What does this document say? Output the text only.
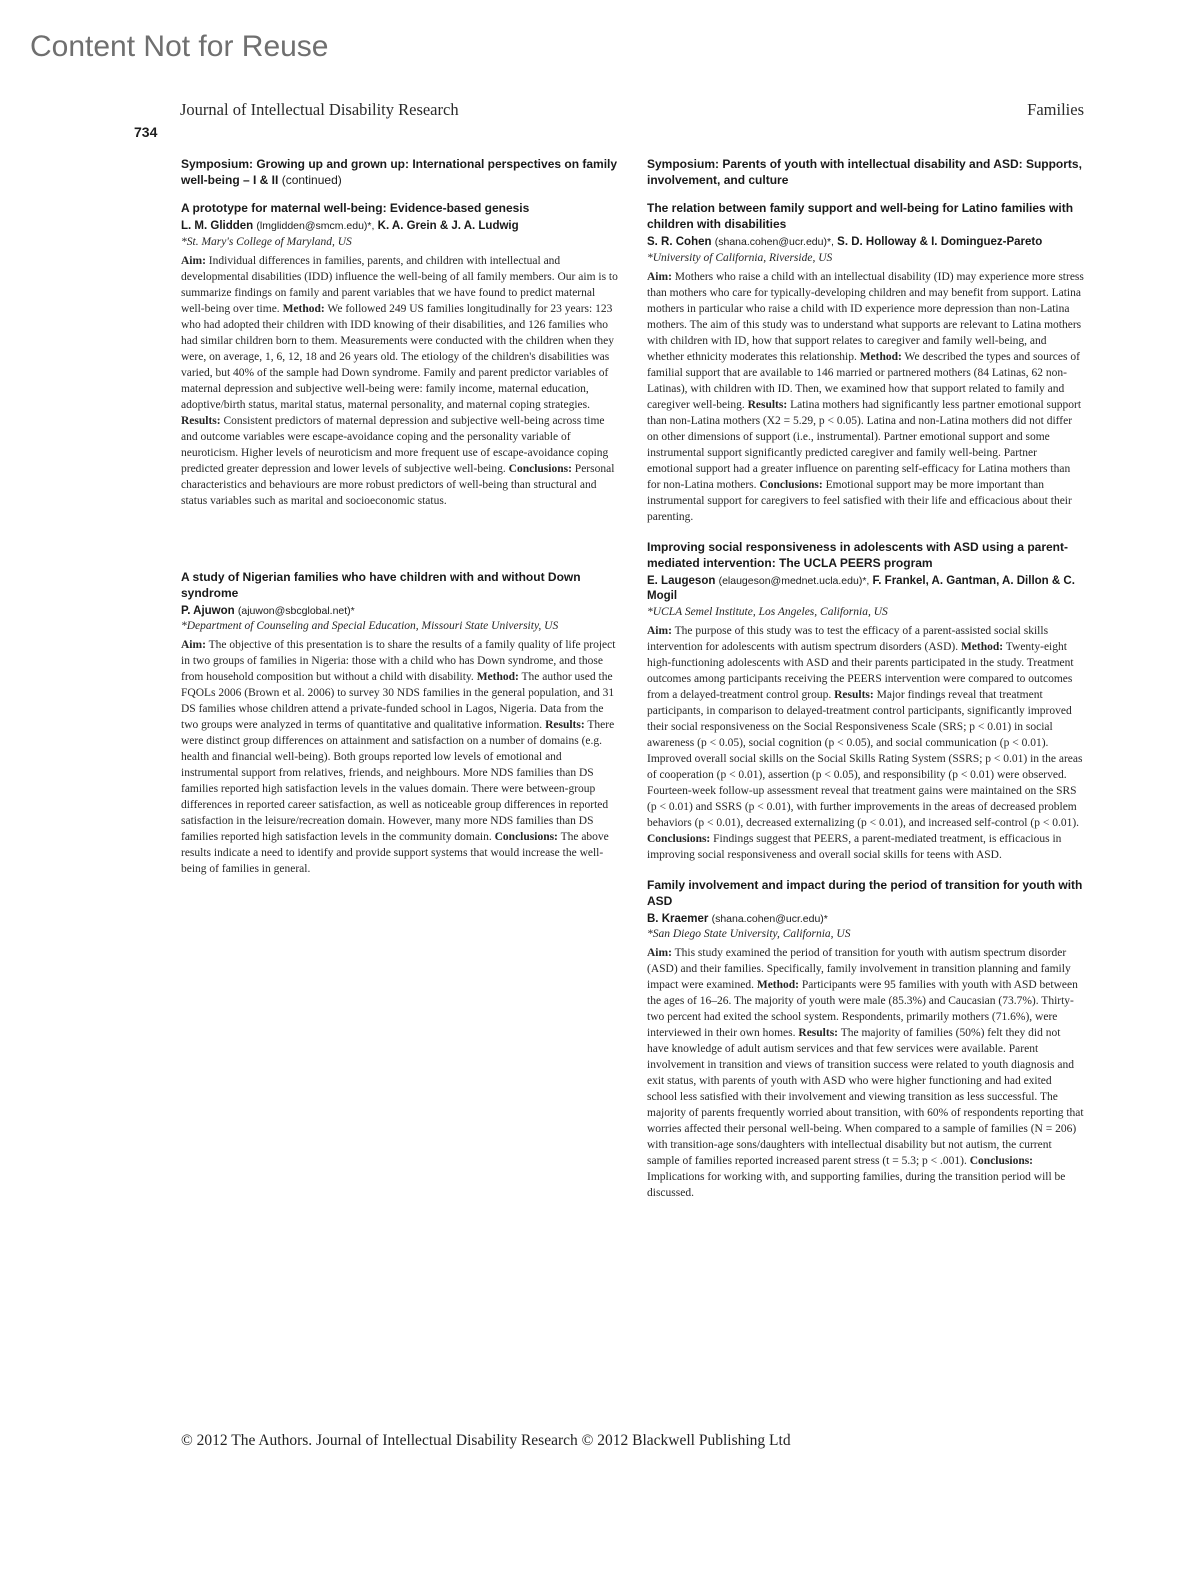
Content Not for Reuse
Journal of Intellectual Disability Research	Families
734

Symposium: Growing up and grown up: International perspectives on family well-being – I & II (continued)

A prototype for maternal well-being: Evidence-based genesis

L. M. Glidden (lmglidden@smcm.edu)*, K. A. Grein & J. A. Ludwig

*St. Mary's College of Maryland, US

Aim: Individual differences in families, parents, and children with intellectual and developmental disabilities (IDD) influence the well-being of all family members. Our aim is to summarize findings on family and parent variables that we have found to predict maternal well-being over time. Method: We followed 249 US families longitudinally for 23 years: 123 who had adopted their children with IDD knowing of their disabilities, and 126 families who had similar children born to them. Measurements were conducted with the children when they were, on average, 1, 6, 12, 18 and 26 years old. The etiology of the children's disabilities was varied, but 40% of the sample had Down syndrome. Family and parent predictor variables of maternal depression and subjective well-being were: family income, maternal education, adoptive/birth status, marital status, maternal personality, and maternal coping strategies. Results: Consistent predictors of maternal depression and subjective well-being across time and outcome variables were escape-avoidance coping and the personality variable of neuroticism. Higher levels of neuroticism and more frequent use of escape-avoidance coping predicted greater depression and lower levels of subjective well-being. Conclusions: Personal characteristics and behaviours are more robust predictors of well-being than structural and status variables such as marital and socioeconomic status.

A study of Nigerian families who have children with and without Down syndrome

P. Ajuwon (ajuwon@sbcglobal.net)*

*Department of Counseling and Special Education, Missouri State University, US

Aim: The objective of this presentation is to share the results of a family quality of life project in two groups of families in Nigeria: those with a child who has Down syndrome, and those from household composition but without a child with disability. Method: The author used the FQOLs 2006 (Brown et al. 2006) to survey 30 NDS families in the general population, and 31 DS families whose children attend a private-funded school in Lagos, Nigeria. Data from the two groups were analyzed in terms of quantitative and qualitative information. Results: There were distinct group differences on attainment and satisfaction on a number of domains (e.g. health and financial well-being). Both groups reported low levels of emotional and instrumental support from relatives, friends, and neighbours. More NDS families than DS families reported high satisfaction levels in the values domain. There were between-group differences in reported career satisfaction, as well as noticeable group differences in reported satisfaction in the leisure/recreation domain. However, many more NDS families than DS families reported high satisfaction levels in the community domain. Conclusions: The above results indicate a need to identify and provide support systems that would increase the well-being of families in general.

Symposium: Parents of youth with intellectual disability and ASD: Supports, involvement, and culture

The relation between family support and well-being for Latino families with children with disabilities

S. R. Cohen (shana.cohen@ucr.edu)*, S. D. Holloway & I. Dominguez-Pareto

*University of California, Riverside, US

Aim: Mothers who raise a child with an intellectual disability (ID) may experience more stress than mothers who care for typically-developing children and may benefit from support. Latina mothers in particular who raise a child with ID experience more depression than non-Latina mothers. The aim of this study was to understand what supports are relevant to Latina mothers with children with ID, how that support relates to caregiver and family well-being, and whether ethnicity moderates this relationship. Method: We described the types and sources of familial support that are available to 146 married or partnered mothers (84 Latinas, 62 non-Latinas), with children with ID. Then, we examined how that support related to family and caregiver well-being. Results: Latina mothers had significantly less partner emotional support than non-Latina mothers (X2 = 5.29, p < 0.05). Latina and non-Latina mothers did not differ on other dimensions of support (i.e., instrumental). Partner emotional support and some instrumental support significantly predicted caregiver and family well-being. Partner emotional support had a greater influence on parenting self-efficacy for Latina mothers than for non-Latina mothers. Conclusions: Emotional support may be more important than instrumental support for caregivers to feel satisfied with their life and efficacious about their parenting.

Improving social responsiveness in adolescents with ASD using a parent-mediated intervention: The UCLA PEERS program

E. Laugeson (elaugeson@mednet.ucla.edu)*, F. Frankel, A. Gantman, A. Dillon & C. Mogil

*UCLA Semel Institute, Los Angeles, California, US

Aim: The purpose of this study was to test the efficacy of a parent-assisted social skills intervention for adolescents with autism spectrum disorders (ASD). Method: Twenty-eight high-functioning adolescents with ASD and their parents participated in the study. Treatment outcomes among participants receiving the PEERS intervention were compared to outcomes from a delayed-treatment control group. Results: Major findings reveal that treatment participants, in comparison to delayed-treatment control participants, significantly improved their social responsiveness on the Social Responsiveness Scale (SRS; p < 0.01) in social awareness (p < 0.05), social cognition (p < 0.05), and social communication (p < 0.01). Improved overall social skills on the Social Skills Rating System (SSRS; p < 0.01) in the areas of cooperation (p < 0.01), assertion (p < 0.05), and responsibility (p < 0.01) were observed. Fourteen-week follow-up assessment reveal that treatment gains were maintained on the SRS (p < 0.01) and SSRS (p < 0.01), with further improvements in the areas of decreased problem behaviors (p < 0.01), decreased externalizing (p < 0.01), and increased self-control (p < 0.01). Conclusions: Findings suggest that PEERS, a parent-mediated treatment, is efficacious in improving social responsiveness and overall social skills for teens with ASD.

Family involvement and impact during the period of transition for youth with ASD

B. Kraemer (shana.cohen@ucr.edu)*

*San Diego State University, California, US

Aim: This study examined the period of transition for youth with autism spectrum disorder (ASD) and their families. Specifically, family involvement in transition planning and family impact were examined. Method: Participants were 95 families with youth with ASD between the ages of 16–26. The majority of youth were male (85.3%) and Caucasian (73.7%). Thirty-two percent had exited the school system. Respondents, primarily mothers (71.6%), were interviewed in their own homes. Results: The majority of families (50%) felt they did not have knowledge of adult autism services and that few services were available. Parent involvement in transition and views of transition success were related to youth diagnosis and exit status, with parents of youth with ASD who were higher functioning and had exited school less satisfied with their involvement and viewing transition as less successful. The majority of parents frequently worried about transition, with 60% of respondents reporting that worries affected their personal well-being. When compared to a sample of families (N = 206) with transition-age sons/daughters with intellectual disability but not autism, the current sample of families reported increased parent stress (t = 5.3; p < .001). Conclusions: Implications for working with, and supporting families, during the transition period will be discussed.

© 2012 The Authors. Journal of Intellectual Disability Research © 2012 Blackwell Publishing Ltd
